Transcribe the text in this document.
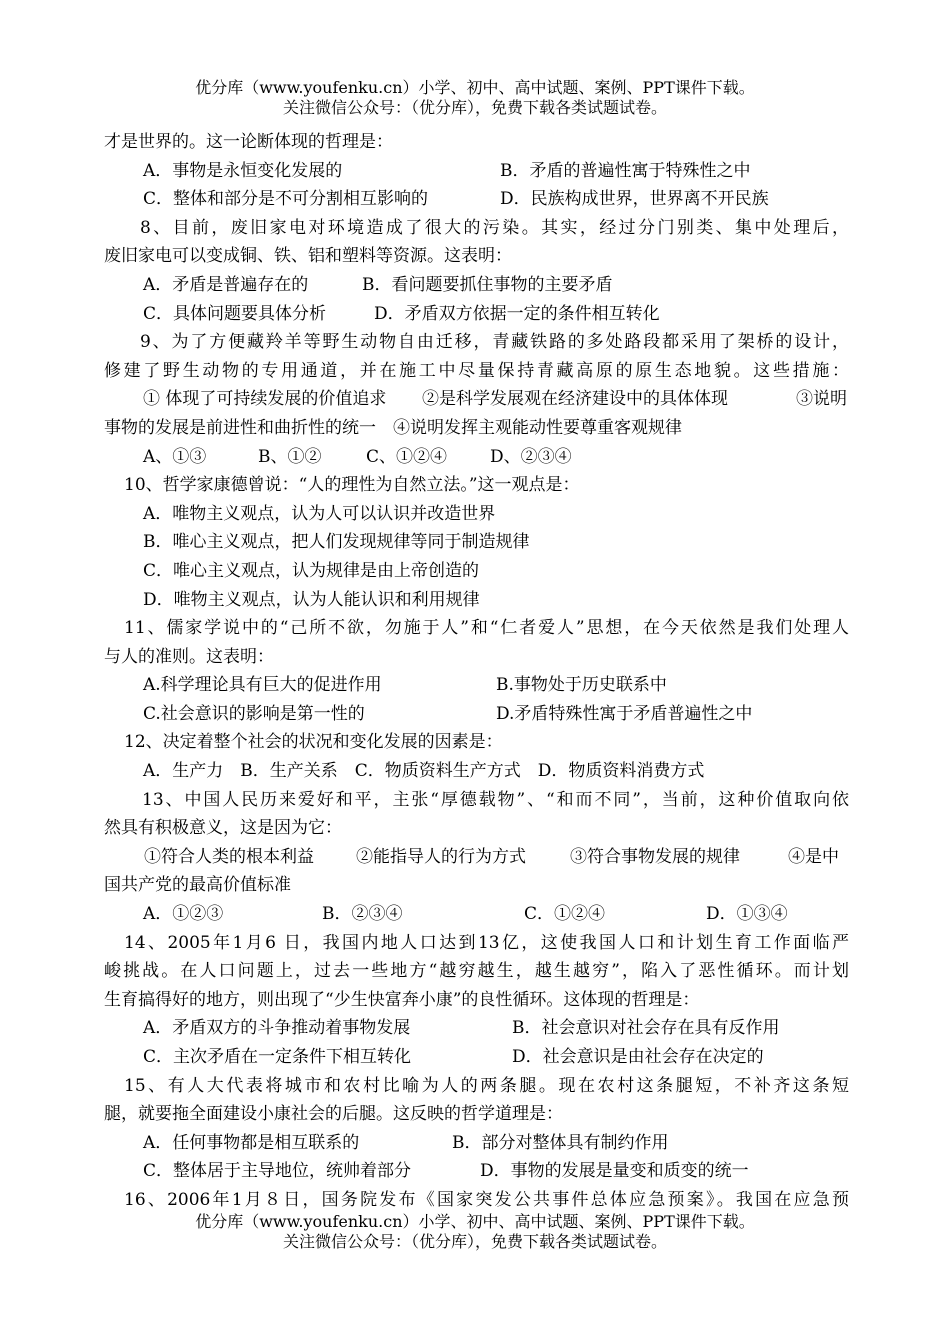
优分库（www.youfenku.cn）小学、初中、高中试题、案例、PPT课件下载。
关注微信公众号：（优分库），免费下载各类试题试卷。
才是世界的。这一论断体现的哲理是：
A．事物是永恒变化发展的	B．矛盾的普遍性寓于特殊性之中
C．整体和部分是不可分割相互影响的	D．民族构成世界，世界离不开民族
8、目前，废旧家电对环境造成了很大的污染。其实，经过分门别类、集中处理后，
废旧家电可以变成铜、铁、铝和塑料等资源。这表明：
A．矛盾是普遍存在的	B．看问题要抓住事物的主要矛盾
C．具体问题要具体分析	D．矛盾双方依据一定的条件相互转化
9、为了方便藏羚羊等野生动物自由迁移，青藏铁路的多处路段都采用了架桥的设计，
修建了野生动物的专用通道，并在施工中尽量保持青藏高原的原生态地貌。这些措施：
① 体现了可持续发展的价值追求 ②是科学发展观在经济建设中的具体体现	③说明
事物的发展是前进性和曲折性的统一　④说明发挥主观能动性要尊重客观规律
A、①③	B、①②	C、①②④	D、②③④
10、哲学家康德曾说：“人的理性为自然立法。”这一观点是：
A．唯物主义观点，认为人可以认识并改造世界
B．唯心主义观点，把人们发现规律等同于制造规律
C．唯心主义观点，认为规律是由上帝创造的
D．唯物主义观点，认为人能认识和利用规律
11、儒家学说中的“己所不欲，勿施于人”和“仁者爱人”思想，在今天依然是我们处理人
与人的准则。这表明：
A.科学理论具有巨大的促进作用	B.事物处于历史联系中
C.社会意识的影响是第一性的	D.矛盾特殊性寓于矛盾普遍性之中
12、决定着整个社会的状况和变化发展的因素是：
A．生产力　B．生产关系　C．物质资料生产方式　D．物质资料消费方式
13、中国人民历来爱好和平，主张“厚德载物”、“和而不同”，当前，这种价值取向依
然具有积极意义，这是因为它：
①符合人类的根本利益 ②能指导人的行为方式	③符合事物发展的规律	④是中
国共产党的最高价值标准
A．①②③	B．②③④	C．①②④	D．①③④
14、2005年1月6 日，我国内地人口达到13亿，这使我国人口和计划生育工作面临严
峻挑战。在人口问题上，过去一些地方“越穷越生，越生越穷”，陷入了恶性循环。而计划
生育搞得好的地方，则出现了“少生快富奔小康”的良性循环。这体现的哲理是：
A．矛盾双方的斗争推动着事物发展	B．社会意识对社会存在具有反作用
C．主次矛盾在一定条件下相互转化	D．社会意识是由社会存在决定的
15、有人大代表将城市和农村比喻为人的两条腿。现在农村这条腿短，不补齐这条短
腿，就要拖全面建设小康社会的后腿。这反映的哲学道理是：
A．任何事物都是相互联系的	B．部分对整体具有制约作用
C．整体居于主导地位，统帅着部分	D．事物的发展是量变和质变的统一
16、2006年1月８日，国务院发布《国家突发公共事件总体应急预案》。我国在应急预
优分库（www.youfenku.cn）小学、初中、高中试题、案例、PPT课件下载。
关注微信公众号：（优分库），免费下载各类试题试卷。
